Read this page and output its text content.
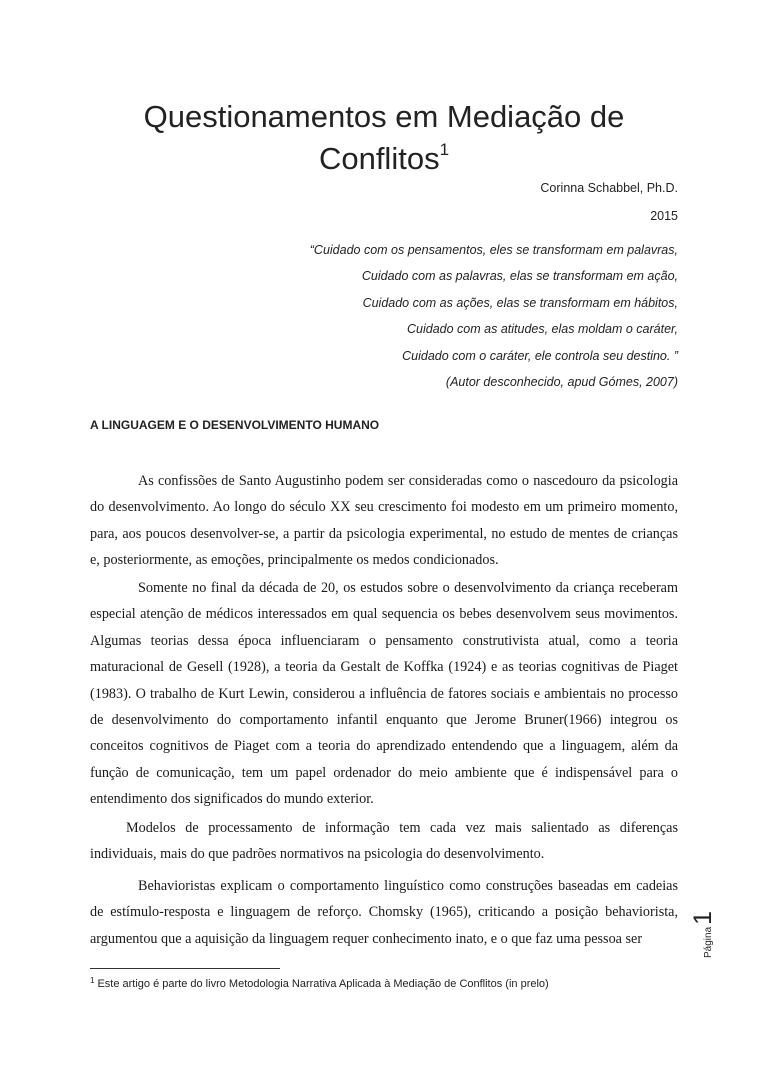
Questionamentos em Mediação de
Conflitos$^1$
Corinna Schabbel, Ph.D.
2015
“Cuidado com os pensamentos, eles se transformam em palavras,
Cuidado com as palavras, elas se transformam em ação,
Cuidado com as ações, elas se transformam em hábitos,
Cuidado com as atitudes, elas moldam o caráter,
Cuidado com o caráter, ele controla seu destino. ”
(Autor desconhecido, apud Gómes, 2007)
A LINGUAGEM E O DESENVOLVIMENTO HUMANO

As confissões de Santo Augustinho podem ser consideradas como o nascedouro da psicologia do desenvolvimento. Ao longo do século XX seu crescimento foi modesto em um primeiro momento, para, aos poucos desenvolver-se, a partir da psicologia experimental, no estudo de mentes de crianças e, posteriormente, as emoções, principalmente os medos condicionados.

Somente no final da década de 20, os estudos sobre o desenvolvimento da criança receberam especial atenção de médicos interessados em qual sequencia os bebes desenvolvem seus movimentos. Algumas teorias dessa época influenciaram o pensamento construtivista atual, como a teoria maturacional de Gesell (1928), a teoria da Gestalt de Koffka (1924) e as teorias cognitivas de Piaget (1983). O trabalho de Kurt Lewin, considerou a influência de fatores sociais e ambientais no processo de desenvolvimento do comportamento infantil enquanto que Jerome Bruner(1966) integrou os conceitos cognitivos de Piaget com a teoria do aprendizado entendendo que a linguagem, além da função de comunicação, tem um papel ordenador do meio ambiente que é indispensável para o entendimento dos significados do mundo exterior.

Modelos de processamento de informação tem cada vez mais salientado as diferenças individuais, mais do que padrões normativos na psicologia do desenvolvimento.

Behavioristas explicam o comportamento linguístico como construções baseadas em cadeias de estímulo-resposta e linguagem de reforço. Chomsky (1965), criticando a posição behaviorista, argumentou que a aquisição da linguagem requer conhecimento inato, e o que faz uma pessoa ser

$^1$ Este artigo é parte do livro Metodologia Narrativa Aplicada à Mediação de Conflitos (in prelo)
Página1
